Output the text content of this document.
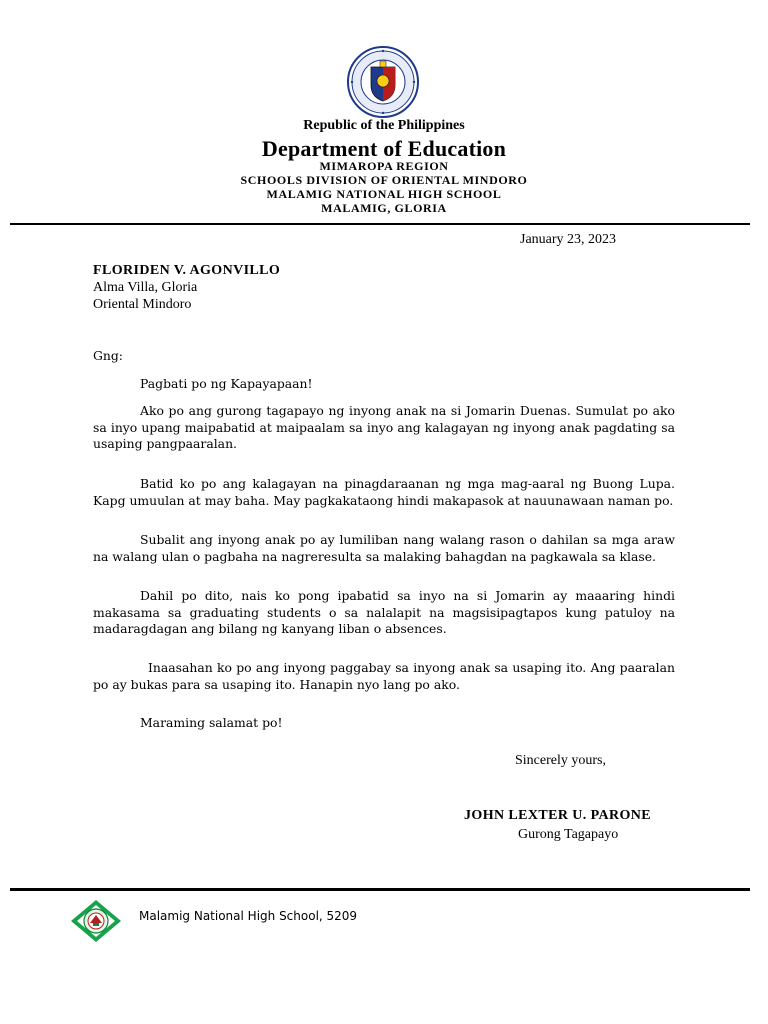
Republic of the Philippines
Department of Education
MIMAROPA REGION
SCHOOLS DIVISION OF ORIENTAL MINDORO
MALAMIG NATIONAL HIGH SCHOOL
MALAMIG, GLORIA
January 23, 2023
FLORIDEN V. AGONVILLO
Alma Villa, Gloria
Oriental Mindoro
Gng:
Pagbati po ng Kapayapaan!
Ako po ang gurong tagapayo ng inyong anak na si Jomarin Duenas. Sumulat po ako sa inyo upang maipabatid at maipaalam sa inyo ang kalagayan ng inyong anak pagdating sa usaping pangpaaralan.
Batid ko po ang kalagayan na pinagdaraanan ng mga mag-aaral ng Buong Lupa. Kapg umuulan at may baha. May pagkakataong hindi makapasok at nauunawaan naman po.
Subalit ang inyong anak po ay lumiliban nang walang rason o dahilan sa mga araw na walang ulan o pagbaha na nagreresulta sa malaking bahagdan na pagkawala sa klase.
Dahil po dito, nais ko pong ipabatid sa inyo na si Jomarin ay maaaring hindi makasama sa graduating students o sa nalalapit na magsisipagtapos kung patuloy na madaragdagan ang bilang ng kanyang liban o absences.
Inaasahan ko po ang inyong paggabay sa inyong anak sa usaping ito. Ang paaralan po ay bukas para sa usaping ito. Hanapin nyo lang po ako.
Maraming salamat po!
Sincerely yours,
JOHN LEXTER U. PARONE
Gurong Tagapayo
Malamig National High School, 5209
